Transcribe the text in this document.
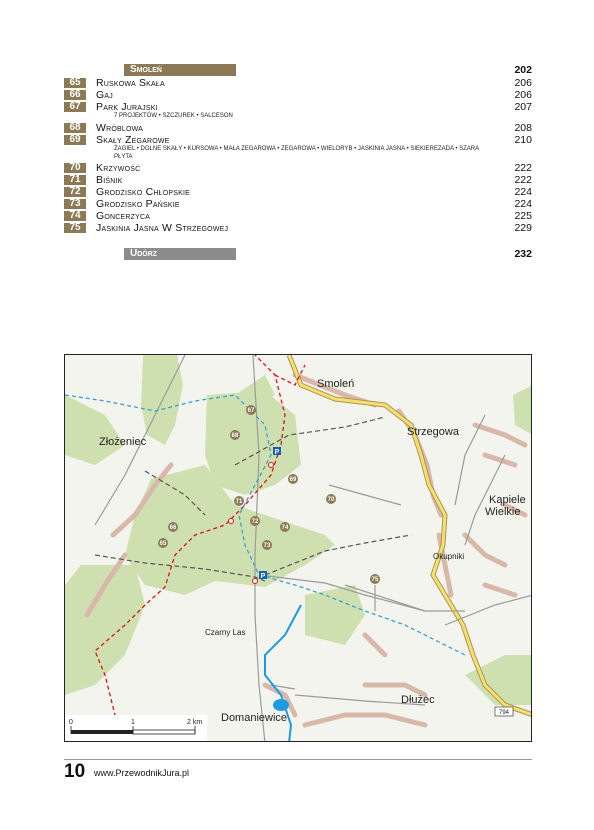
Smoleń	202
65	Ruskowa Skała	206
66	Gaj	206
67	Park Jurajski	207
7 PROJEKTÓW • SZCZUREK • SALCESON
68	Wróblowa	208
69	Skały Zegarowe	210
ŻAGIEL • DOLNE SKAŁY • KURSOWA • MAŁA ZEGAROWA • ZEGAROWA • WIELORYB • JASKINIA JASNA • SIEKIEREZADA • SZARA PŁYTA
70	Krzywość	222
71	Biśnik	222
72	Grodzisko Chłopskie	224
73	Grodzisko Pańskie	224
74	Goncerzyca	225
75	Jaskinia Jasna W Strzegowej	229
Udórz	232
Smoleń
Strzegowa
Złożeniec
Kąpiele
Wielkie
Dłużec
Domaniewice
Okupniki
Czarny Las
67
68
69
70
71
72
73
74
65
66
75
P
P
794
0	1	2 km
10 www.PrzewodnikJura.pl
